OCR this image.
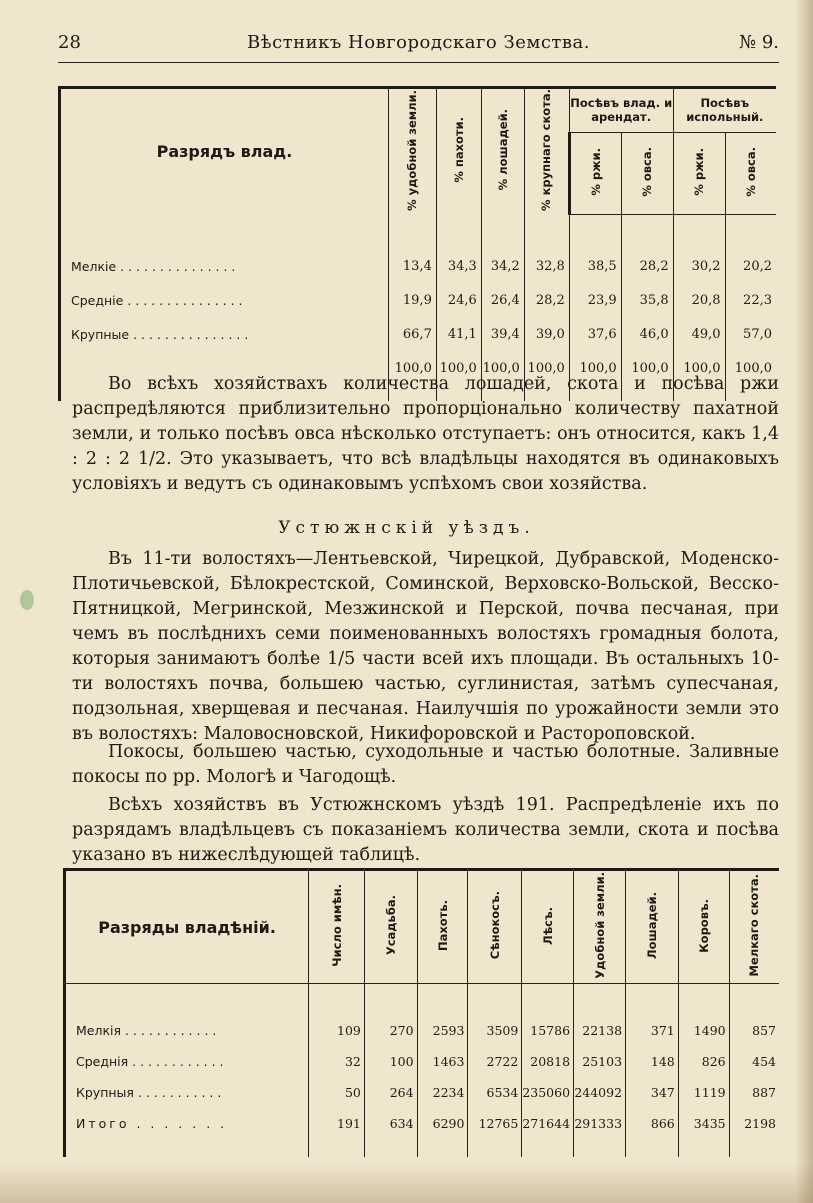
28	Вѣстникъ Новгородскаго Земства.	№ 9.
Разрядъ влад.	% удобной земли.	% пахоти.	% лошадей.	% крупнаго скота.	Посѣвъ влад. и арендат.		Посѣвъ испольный.	

					% ржи.	% овса.	% ржи.	% овса.

Мелкіе . . . . . . . . . . . . . . .	13,4	34,3	34,2	32,8	38,5	28,2	30,2	20,2
Средніе . . . . . . . . . . . . . . .	19,9	24,6	26,4	28,2	23,9	35,8	20,8	22,3
Крупные . . . . . . . . . . . . . . .	66,7	41,1	39,4	39,0	37,6	46,0	49,0	57,0
	100,0	100,0	100,0	100,0	100,0	100,0	100,0	100,0

Во всѣхъ хозяйствахъ количества лошадей, скота и посѣва ржи распредѣляются приблизительно пропорціонально количеству пахатной земли, и только посѣвъ овса нѣсколько отступаетъ: онъ относится, какъ 1,4 : 2 : 2 1/2. Это указываетъ, что всѣ владѣльцы находятся въ одинаковыхъ условіяхъ и ведутъ съ одинаковымъ успѣхомъ свои хозяйства.
Устюжнскій уѣздъ.
Въ 11-ти волостяхъ—Лентьевской, Чирецкой, Дубравской, Моденско-Плотичьевской, Бѣлокрестской, Соминской, Верховско-Вольской, Весско-Пятницкой, Мегринской, Мезжинской и Перской, почва песчаная, при чемъ въ послѣднихъ семи поименованныхъ волостяхъ громадныя болота, которыя занимаютъ болѣе 1/5 части всей ихъ площади. Въ остальныхъ 10-ти волостяхъ почва, большею частью, суглинистая, затѣмъ супесчаная, подзольная, хверщевая и песчаная. Наилучшія по урожайности земли это въ волостяхъ: Маловосновской, Никифоровской и Растороповской.
Покосы, большею частью, суходольные и частью болотные. Заливные покосы по рр. Мологѣ и Чагодощѣ.
Всѣхъ хозяйствъ въ Устюжнскомъ уѣздѣ 191. Распредѣленіе ихъ по разрядамъ владѣльцевъ съ показаніемъ количества земли, скота и посѣва указано въ нижеслѣдующей таблицѣ.
Разряды владѣній.	Число имѣн.	Усадьба.	Пахоть.	Сѣнокосъ.	Лѣсъ.	Удобной земли.	Лошадей.	Коровъ.	Мелкаго скота.

Мелкія . . . . . . . . . . . .	109	270	2593	3509	15786	22138	371	1490	857
Среднія . . . . . . . . . . . .	32	100	1463	2722	20818	25103	148	826	454
Крупныя . . . . . . . . . . .	50	264	2234	6534	235060	244092	347	1119	887
Итого . . . . . . .	191	634	6290	12765	271644	291333	866	3435	2198
